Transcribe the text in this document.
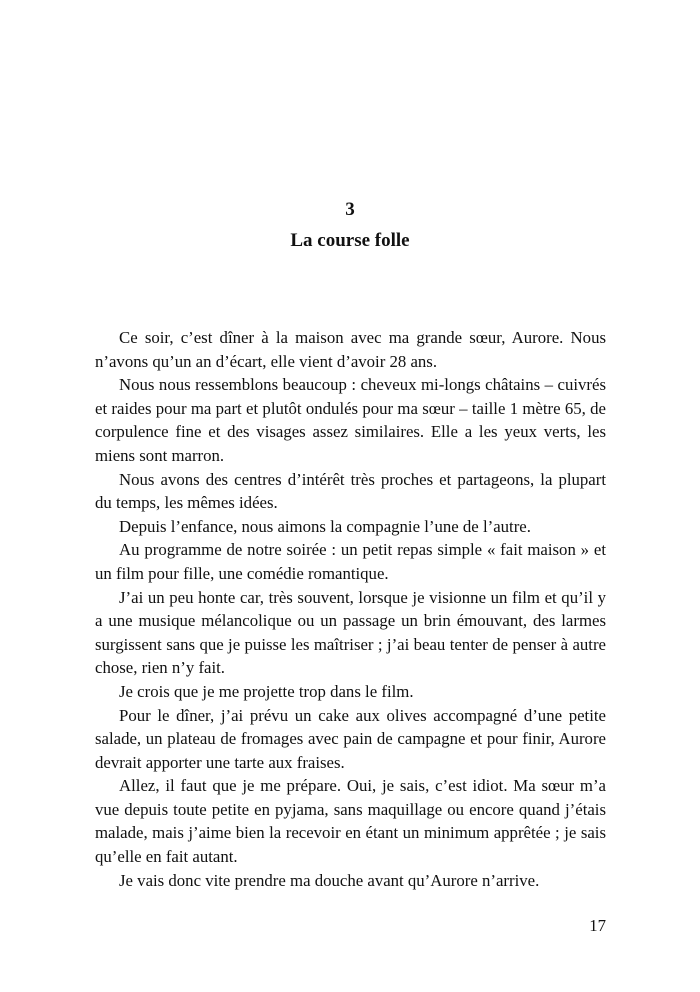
3
La course folle

Ce soir, c’est dîner à la maison avec ma grande sœur, Aurore. Nous n’avons qu’un an d’écart, elle vient d’avoir 28 ans.

Nous nous ressemblons beaucoup : cheveux mi-longs châtains – cuivrés et raides pour ma part et plutôt ondulés pour ma sœur – taille 1 mètre 65, de corpulence fine et des visages assez similaires. Elle a les yeux verts, les miens sont marron.

Nous avons des centres d’intérêt très proches et partageons, la plupart du temps, les mêmes idées.

Depuis l’enfance, nous aimons la compagnie l’une de l’autre.

Au programme de notre soirée : un petit repas simple « fait maison » et un film pour fille, une comédie romantique.

J’ai un peu honte car, très souvent, lorsque je visionne un film et qu’il y a une musique mélancolique ou un passage un brin émouvant, des larmes surgissent sans que je puisse les maîtriser ; j’ai beau tenter de penser à autre chose, rien n’y fait.

Je crois que je me projette trop dans le film.

Pour le dîner, j’ai prévu un cake aux olives accompagné d’une petite salade, un plateau de fromages avec pain de campagne et pour finir, Aurore devrait apporter une tarte aux fraises.

Allez, il faut que je me prépare. Oui, je sais, c’est idiot. Ma sœur m’a vue depuis toute petite en pyjama, sans maquillage ou encore quand j’étais malade, mais j’aime bien la recevoir en étant un minimum apprêtée ; je sais qu’elle en fait autant.

Je vais donc vite prendre ma douche avant qu’Aurore n’arrive.

17
